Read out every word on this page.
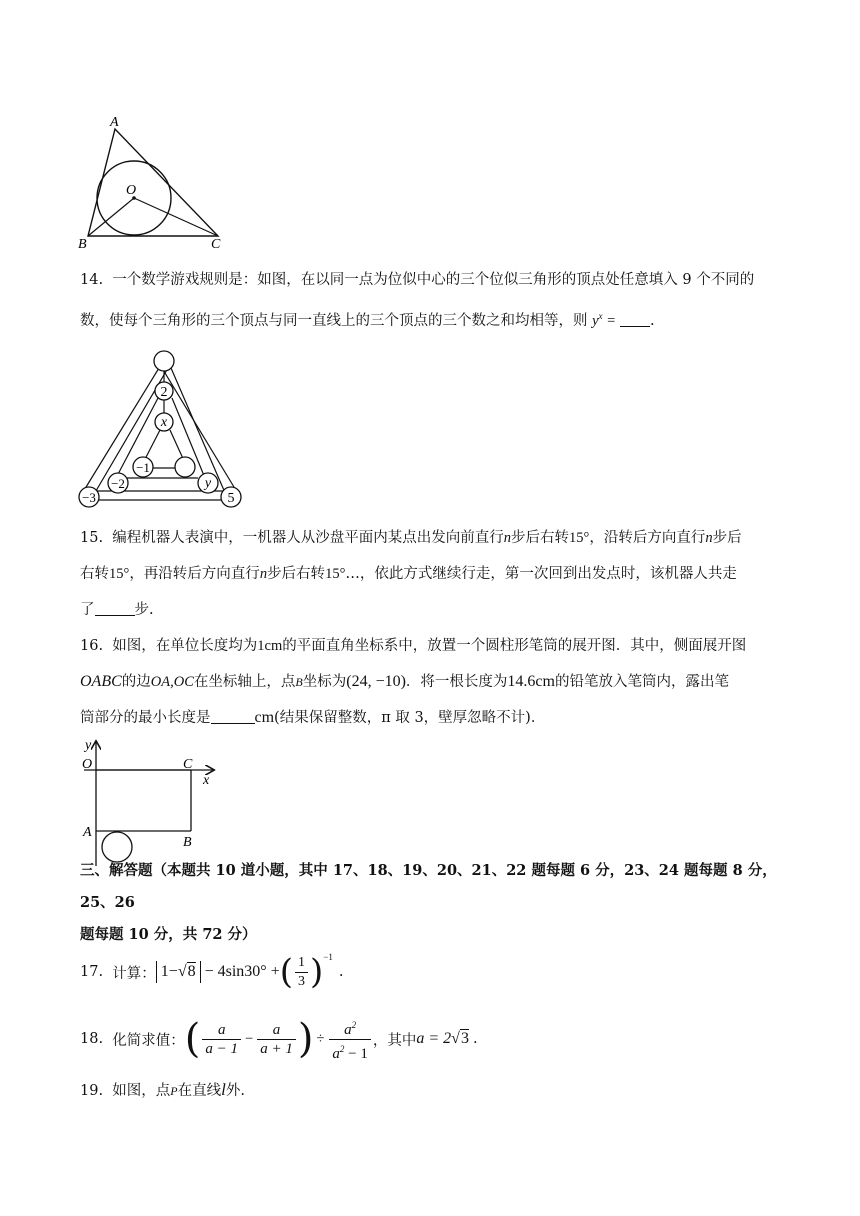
A
O
B	C
14. 一个数学游戏规则是：如图，在以同一点为位似中心的三个位似三角形的顶点处任意填入 9 个不同的
数，使每个三角形的三个顶点与同一直线上的三个顶点的三个数之和均相等，则 $y^x$ = .
2
x
−1
−2	y
−3	5
15. 编程机器人表演中，一机器人从沙盘平面内某点出发向前直行n步后右转15°，沿转后方向直行n步后
右转15°，再沿转后方向直行n步后右转15°…，依此方式继续行走，第一次回到出发点时，该机器人共走
了	步.
16. 如图，在单位长度均为1cm的平面直角坐标系中，放置一个圆柱形笔筒的展开图．其中，侧面展开图
OABC的边OA,OC在坐标轴上，点B坐标为(24, −10)．将一根长度为14.6cm的铅笔放入笔筒内，露出笔
筒部分的最小长度是	cm(结果保留整数，π 取 3，壁厚忽略不计)．
y
x
O	C
A
B
三、解答题（本题共 10 道小题，其中 17、18、19、20、21、22 题每题 6 分，23、24 题每题 8 分，25、26
题每题 10 分，共 72 分）
17.
计算： 1−√8 − 4sin30° + ( $\frac{1}{3} )^{-1}$
.
18.
化简求值： ( $\frac{a}{a - 1} - \frac{a}{a + 1}$ ) ÷ $\frac{a^2}{a^2 - 1}$ ，其中 a = 2 √3 .
19. 如图，点P在直线l外.
